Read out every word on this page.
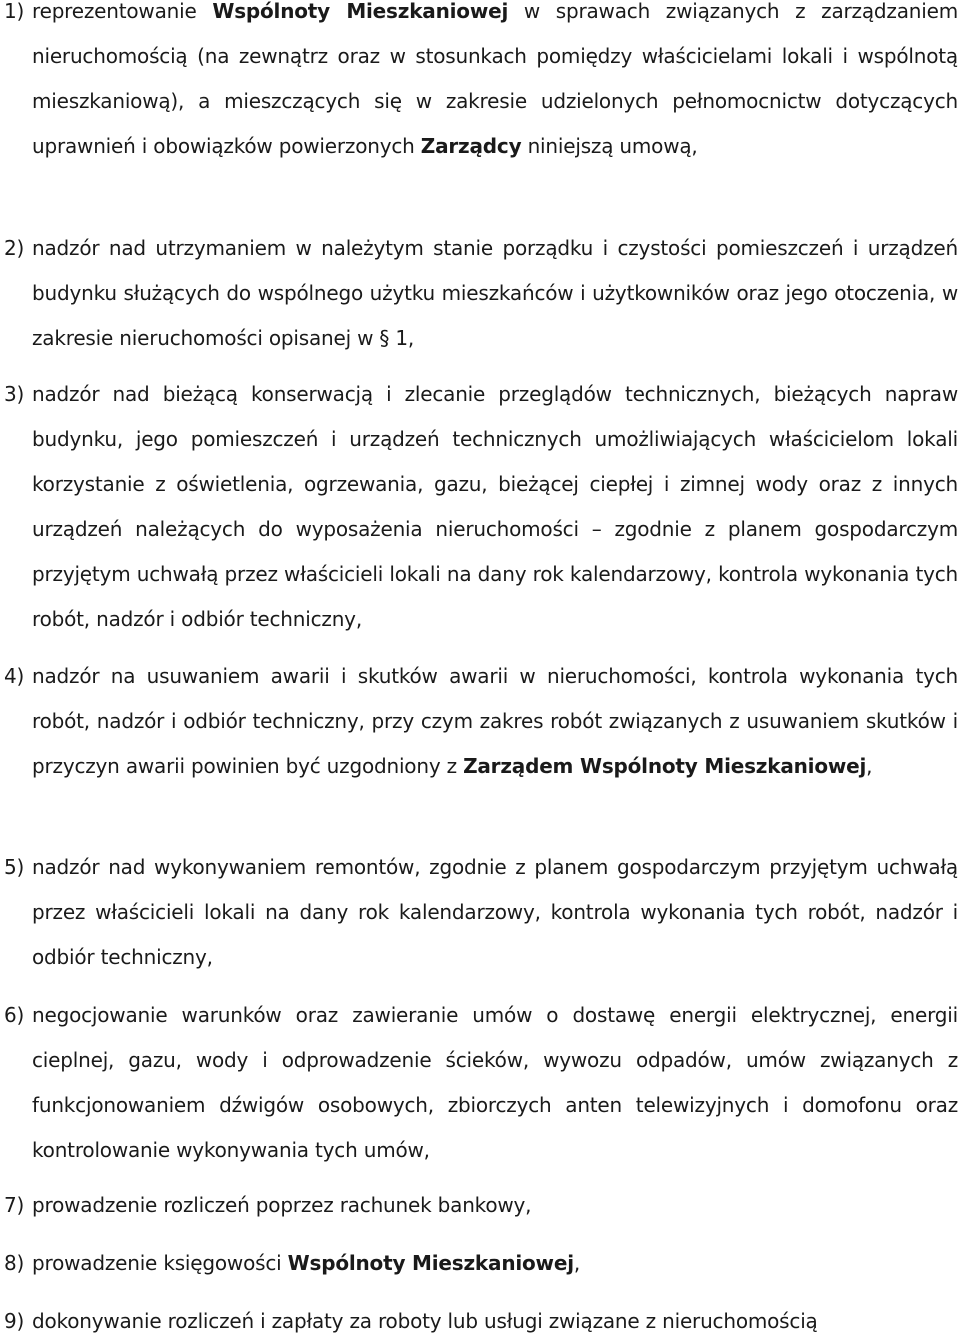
1) reprezentowanie Wspólnoty Mieszkaniowej w sprawach związanych z zarządzaniem nieruchomością (na zewnątrz oraz w stosunkach pomiędzy właścicielami lokali i wspólnotą mieszkaniową), a mieszczących się w zakresie udzielonych pełnomocnictw dotyczących uprawnień i obowiązków powierzonych Zarządcy niniejszą umową,
2) nadzór nad utrzymaniem w należytym stanie porządku i czystości pomieszczeń i urządzeń budynku służących do wspólnego użytku mieszkańców i użytkowników oraz jego otoczenia, w zakresie nieruchomości opisanej w § 1,
3) nadzór nad bieżącą konserwacją i zlecanie przeglądów technicznych, bieżących napraw budynku, jego pomieszczeń i urządzeń technicznych umożliwiających właścicielom lokali korzystanie z oświetlenia, ogrzewania, gazu, bieżącej ciepłej i zimnej wody oraz z innych urządzeń należących do wyposażenia nieruchomości – zgodnie z planem gospodarczym przyjętym uchwałą przez właścicieli lokali na dany rok kalendarzowy, kontrola wykonania tych robót, nadzór i odbiór techniczny,
4) nadzór na usuwaniem awarii i skutków awarii w nieruchomości, kontrola wykonania tych robót, nadzór i odbiór techniczny, przy czym zakres robót związanych z usuwaniem skutków i przyczyn awarii powinien być uzgodniony z Zarządem Wspólnoty Mieszkaniowej,
5) nadzór nad wykonywaniem remontów, zgodnie z planem gospodarczym przyjętym uchwałą przez właścicieli lokali na dany rok kalendarzowy, kontrola wykonania tych robót, nadzór i odbiór techniczny,
6) negocjowanie warunków oraz zawieranie umów o dostawę energii elektrycznej, energii cieplnej, gazu, wody i odprowadzenie ścieków, wywozu odpadów, umów związanych z funkcjonowaniem dźwigów osobowych, zbiorczych anten telewizyjnych i domofonu oraz kontrolowanie wykonywania tych umów,
7) prowadzenie rozliczeń poprzez rachunek bankowy,
8) prowadzenie księgowości Wspólnoty Mieszkaniowej,
9) dokonywanie rozliczeń i zapłaty za roboty lub usługi związane z nieruchomością
